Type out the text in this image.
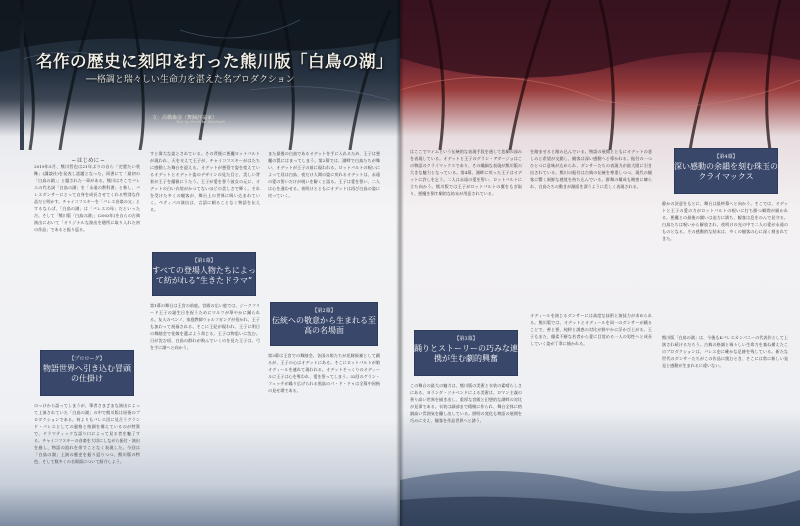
名作の歴史に刻印を打った熊川版「白鳥の湖」
──格調と瑞々しい生命力を湛えた名プロダクション
文：高橋森彦（舞踊評論家）
Text by Morihiko Takahashi
─ はじめに ─
2019年5月、熊川哲也は21年ぶりの自ら「完璧たい装飾」(講談社)を発表し話題となった。同書にて「最初の「白鳥の湖」」と題された一章がある。熊川はそこでバレエの代名詞「白鳥の湖」を「永遠の教科書」と称し、バレエダンサーにとって自身を成長させてくれる特別な作品だと明かす。チャイコフスキーを「バレエ音楽の父」とするならば、「白鳥の湖」は「バレエの母」だといっただ。そして「熊川版「白鳥の湖」」(2003年)を自らの古典演出において「オリジナルな演出を随所に取り入れた初の作品」であると振り返る。
のっけから語ってしまうが、筆者さまざまな演出によって上演されていた「白鳥の湖」の中で熊川版は屈指のプロダクションである。何よりもバレエ団に見合うグランド・バレエとしての風格と格調を備えているのが特質で、ドラマティックな語り口によって見る者を魅了する。チャイコフスキーの音楽を大切にしながら振付・演出を施し、物語の流れを余すことなく表現した。今回は「白鳥の湖」上演の歴史を振り返りつつ、熊川版の特色、そして数多くの名場面について紹介しよう。
【プロローグ】
物語世界へ引き込む冒頭の仕掛け
すと偉大な姿とされている。その背後に悪魔ロットバルトが現われ、天を支えて王子が、チャイコフスキーがはたちに感動した舞台を迎える。オデットが悪役で姿を変えているオデットとオデット姿のデザインの見た目と、美しい背景が王子を優雅にうたう。王子が愛を誓う彼女の元に、オデットの白い衣装がかつてないほどの美しさで輝く。それを受けた多くの観客が、舞台上の世界に吸い込まれていく。ペティパの演出は、言語に頼ることなく物語を伝える。
【第1幕】
すべての登場人物たちによって紡がれる“生きたドラマ”
第1幕の舞台は王宮の前庭。宮殿の広い庭では、ジークフリード王子の誕生日を祝うためにワルツが華やかに踊られる。友人のベンノ、家庭教師ウォルフガングが招かれ、王子も加わって祝福される。そこに王妃が現われ、王子に明日の舞踏会で花嫁を選ぶよう命じる。王子は物思いに沈む。日が沈む頃、白鳥の群れが飛んでいくのを見た王子は、弓を手に湖へと向かう。
また最後の白鳥であるオデットを手に入れるため、王子は悪魔の罠にはまってしまう。第2幕では、湖畔で白鳥たちが舞い、オデットが王子の前に現われる。ロットバルトの呪いによって昼は白鳥、夜だけ人間の姿に戻れるオデットは、永遠の愛の誓いだけが呪いを解くと語る。王子は愛を誓い、二人は心を通わせる。夜明けとともにオデットは再び白鳥の姿に戻っていく。
【第2幕】
伝統への敬意から生まれる至高の名場面
第3幕は王宮での舞踏会。各国の姫たちが花嫁候補として踊るが、王子の心はオデットにある。そこにロットバルトが娘オディールを連れて現われる。オデットそっくりのオディールに王子は心を奪われ、愛を誓ってしまう。32回のグラン・フェッテが繰り広げられる黒鳥のパ・ド・ドゥは全幕中屈指の見せ場である。
はここでマイムという伝統的な表現手段を通して悲劇の深みを表現している。オデットと王子のグラン・アダージョはこの物語のクライマックスであり、その繊細な表現が熊川版の大きな魅力となっている。第4幕、湖畔に戻った王子はオデットに許しを乞う。二人は永遠の愛を誓い、ロットバルトに立ち向かう。熊川版では王子がロットバルトの翼をもぎ取り、悪魔を倒す劇的な結末が用意されている。
【第3幕】
踊りとストーリーの巧みな連携が生む劇的興奮
この舞台の最大の魅力は、熊川版の美術と衣装の素晴らしさにある。ヨランダ・ソナベンドによる美術は、ロマン主義の香り高い世界を描き出し、重厚な宮殿と幻想的な湖畔の対比が見事である。衣装は細部まで精緻に作られ、舞台全体に格調高い雰囲気を醸し出している。照明の変化も物語の展開を巧みに支え、観客を作品世界へと誘う。
を踏ませると踏み込んでいる。物語の展開とともにオデットの悲しみと希望が交錯し、観客は深い感動へと導かれる。振付の一つひとつに意味が込められ、ダンサーたちの表現力が最大限に引き出されている。熊川の振付は古典の伝統を尊重しつつ、現代の観客に響く新鮮な感覚を持ち込んでいる。群舞の構成も緻密に練られ、白鳥たちの動きが湖面を漂うように美しく表現される。
オディールを演じるダンサーには高度な技術と演技力が求められる。熊川版では、オデットとオディールを同一のダンサーが踊ることで、善と悪、純粋と誘惑の対比が鮮やかに浮かび上がる。王子もまた、優柔不断な若者から愛に目覚める一人の男性へと成長していく姿が丁寧に描かれる。
【第4幕】
深い感動の余韻を刻む珠玉のクライマックス
静かの決意をもとに、舞台は最終幕へと向かう。そこでは、オデットと王子の愛の力がロットバルトの呪いに打ち勝つ瞬間が描かれる。悪魔との最後の闘いは迫力に満ち、観客は息をのんで見守る。白鳥たちは呪いから解放され、夜明けの光の中で二人の愛が永遠のものとなる。その感動的な結末は、多くの観客の心に深く刻まれてきた。
熊川版「白鳥の湖」は、今後もKバレエカンパニーの代表作として上演され続けるだろう。古典の格調と瑞々しい生命力を兼ね備えたこのプロダクションは、バレエ史に確かな足跡を残している。新たな世代のダンサーたちがこの作品に挑むとき、そこには常に新しい発見と感動が生まれるに違いない。
